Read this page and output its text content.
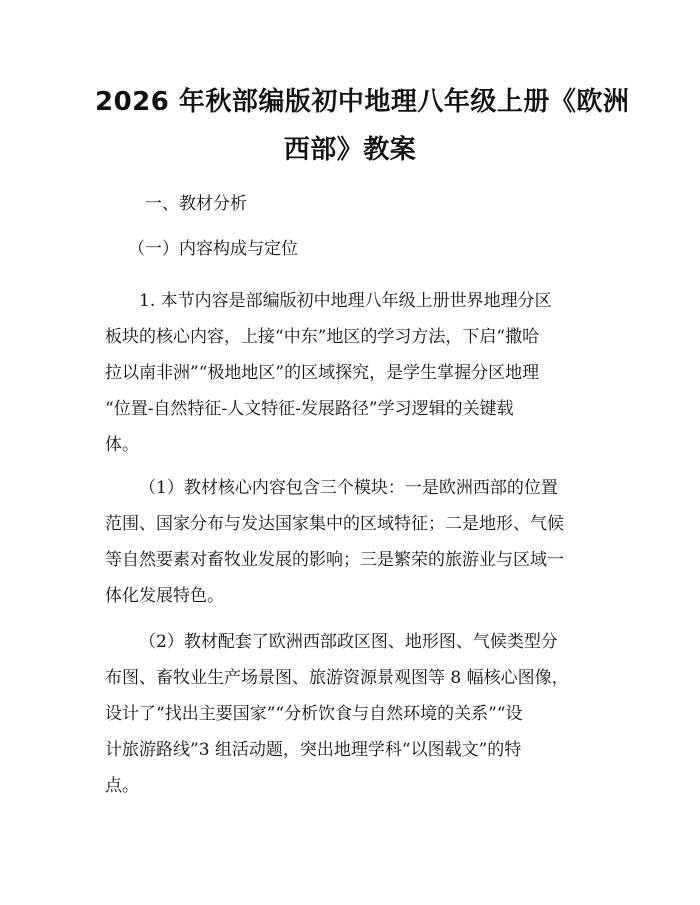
2026 年秋部编版初中地理八年级上册《欧洲
西部》教案

一、教材分析

（一）内容构成与定位

1. 本节内容是部编版初中地理八年级上册世界地理分区
板块的核心内容，上接“中东”地区的学习方法，下启“撒哈
拉以南非洲”“极地地区”的区域探究，是学生掌握分区地理
“位置-自然特征-人文特征-发展路径”学习逻辑的关键载
体。
（1）教材核心内容包含三个模块：一是欧洲西部的位置
范围、国家分布与发达国家集中的区域特征；二是地形、气候
等自然要素对畜牧业发展的影响；三是繁荣的旅游业与区域一
体化发展特色。
（2）教材配套了欧洲西部政区图、地形图、气候类型分
布图、畜牧业生产场景图、旅游资源景观图等 8 幅核心图像，
设计了“找出主要国家”“分析饮食与自然环境的关系”“设
计旅游路线”3 组活动题，突出地理学科“以图载文”的特
点。
